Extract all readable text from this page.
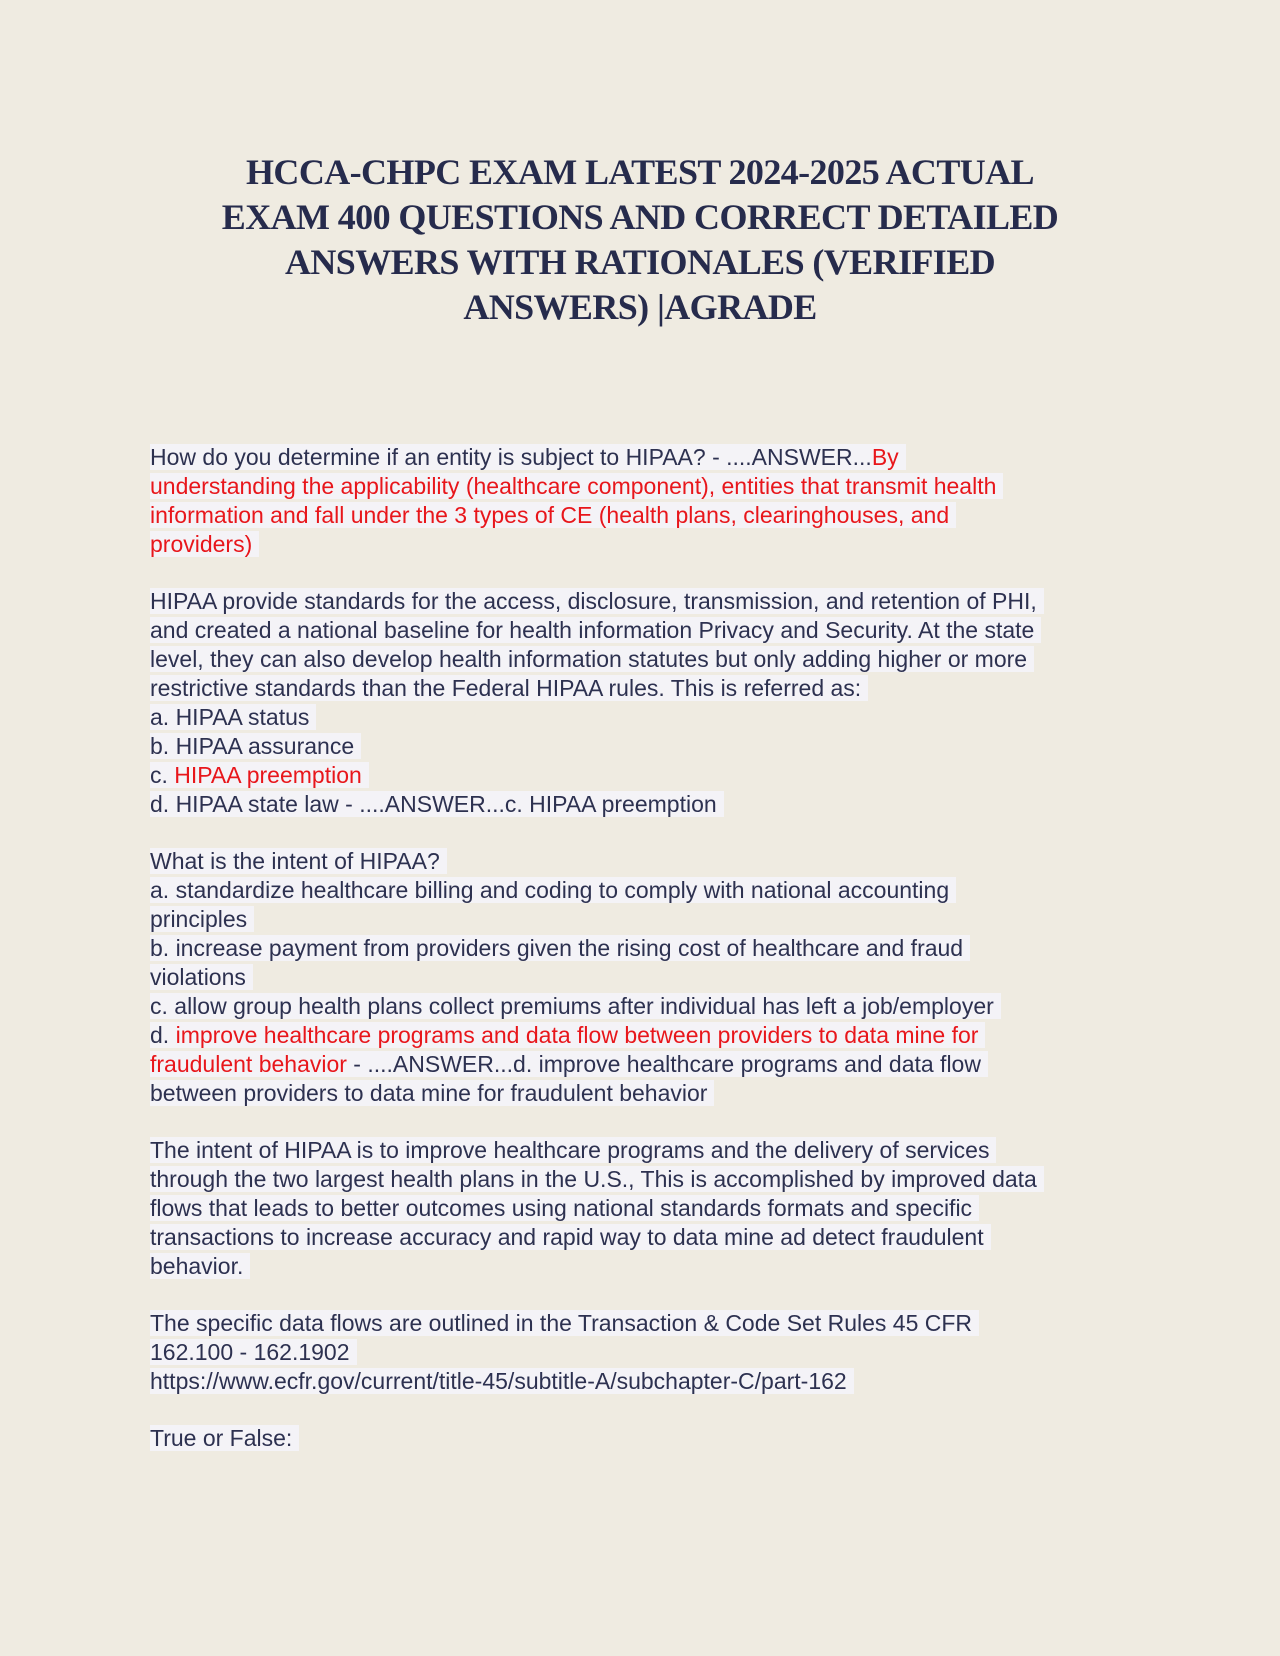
HCCA-CHPC EXAM LATEST 2024-2025 ACTUAL
EXAM 400 QUESTIONS AND CORRECT DETAILED
ANSWERS WITH RATIONALES (VERIFIED
ANSWERS) |AGRADE
How do you determine if an entity is subject to HIPAA? - ....ANSWER...By
understanding the applicability (healthcare component), entities that transmit health
information and fall under the 3 types of CE (health plans, clearinghouses, and
providers)
HIPAA provide standards for the access, disclosure, transmission, and retention of PHI,
and created a national baseline for health information Privacy and Security. At the state
level, they can also develop health information statutes but only adding higher or more
restrictive standards than the Federal HIPAA rules. This is referred as:
a. HIPAA status
b. HIPAA assurance
c. HIPAA preemption
d. HIPAA state law - ....ANSWER...c. HIPAA preemption
What is the intent of HIPAA?
a. standardize healthcare billing and coding to comply with national accounting
principles
b. increase payment from providers given the rising cost of healthcare and fraud
violations
c. allow group health plans collect premiums after individual has left a job/employer
d. improve healthcare programs and data flow between providers to data mine for
fraudulent behavior - ....ANSWER...d. improve healthcare programs and data flow
between providers to data mine for fraudulent behavior
The intent of HIPAA is to improve healthcare programs and the delivery of services
through the two largest health plans in the U.S., This is accomplished by improved data
flows that leads to better outcomes using national standards formats and specific
transactions to increase accuracy and rapid way to data mine ad detect fraudulent
behavior.
The specific data flows are outlined in the Transaction & Code Set Rules 45 CFR
162.100 - 162.1902
https://www.ecfr.gov/current/title-45/subtitle-A/subchapter-C/part-162
True or False:
